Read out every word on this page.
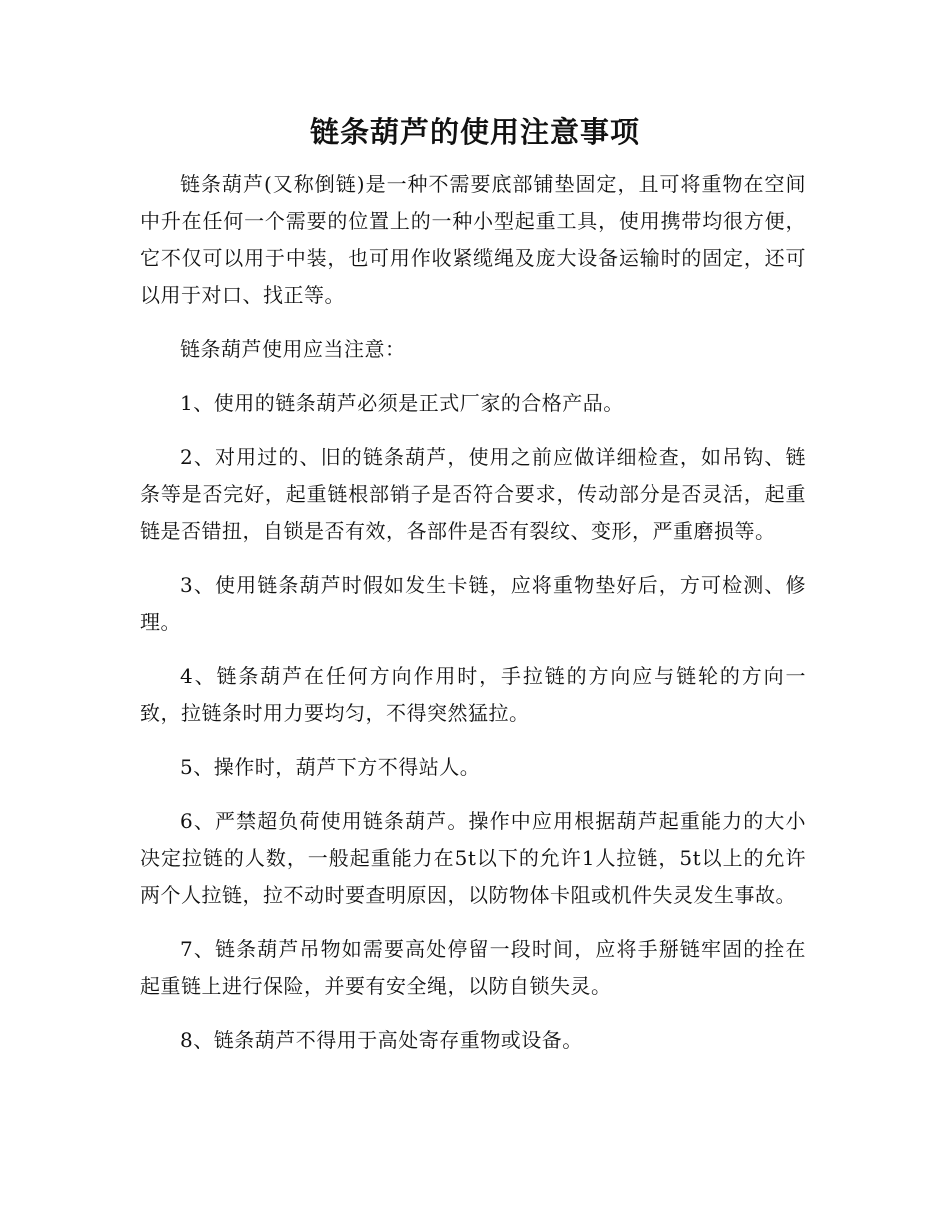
链条葫芦的使用注意事项

链条葫芦(又称倒链)是一种不需要底部铺垫固定，且可将重物在空间中升在任何一个需要的位置上的一种小型起重工具，使用携带均很方便，它不仅可以用于中装，也可用作收紧缆绳及庞大设备运输时的固定，还可以用于对口、找正等。

链条葫芦使用应当注意：

1、使用的链条葫芦必须是正式厂家的合格产品。

2、对用过的、旧的链条葫芦，使用之前应做详细检查，如吊钩、链条等是否完好，起重链根部销子是否符合要求，传动部分是否灵活，起重链是否错扭，自锁是否有效，各部件是否有裂纹、变形，严重磨损等。

3、使用链条葫芦时假如发生卡链，应将重物垫好后，方可检测、修理。

4、链条葫芦在任何方向作用时，手拉链的方向应与链轮的方向一致，拉链条时用力要均匀，不得突然猛拉。

5、操作时，葫芦下方不得站人。

6、严禁超负荷使用链条葫芦。操作中应用根据葫芦起重能力的大小决定拉链的人数，一般起重能力在5t以下的允许1人拉链，5t以上的允许两个人拉链，拉不动时要查明原因，以防物体卡阻或机件失灵发生事故。

7、链条葫芦吊物如需要高处停留一段时间，应将手掰链牢固的拴在起重链上进行保险，并要有安全绳，以防自锁失灵。

8、链条葫芦不得用于高处寄存重物或设备。
